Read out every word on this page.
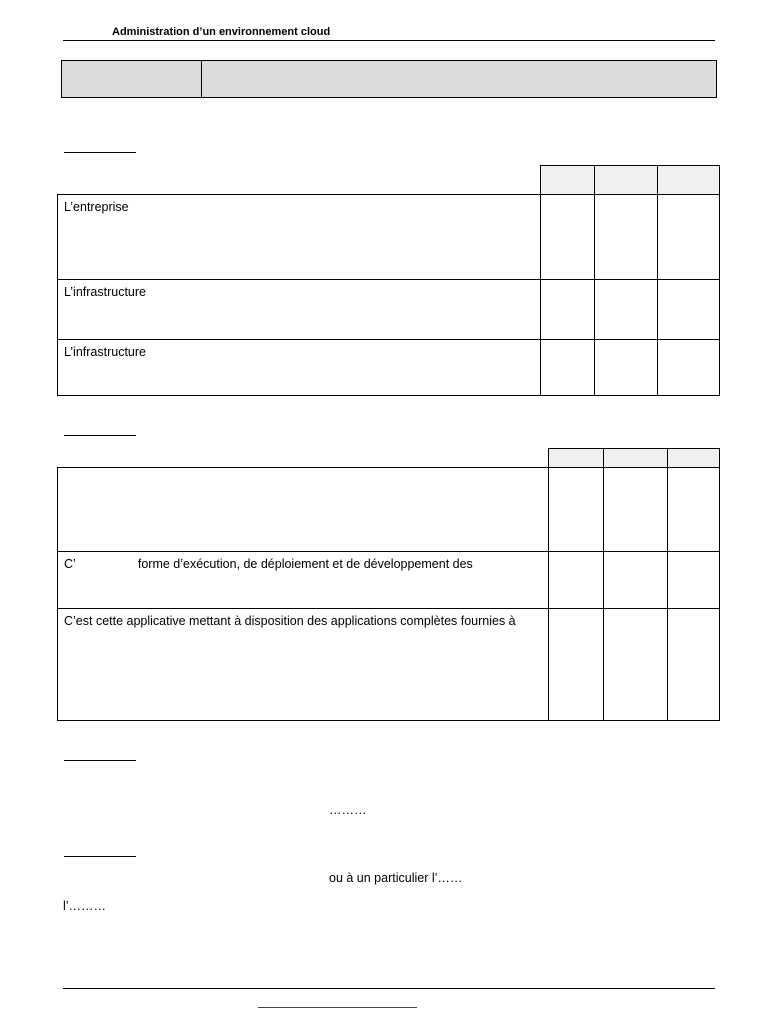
Administration d’un environnement cloud

L’entreprise			
L’infrastructure			
L’infrastructure			

C’                  forme d’exécution, de déploiement et de développement des			
C’est cette applicative mettant à disposition des applications complètes fournies à			
………
ou à un particulier l’……
l’………
